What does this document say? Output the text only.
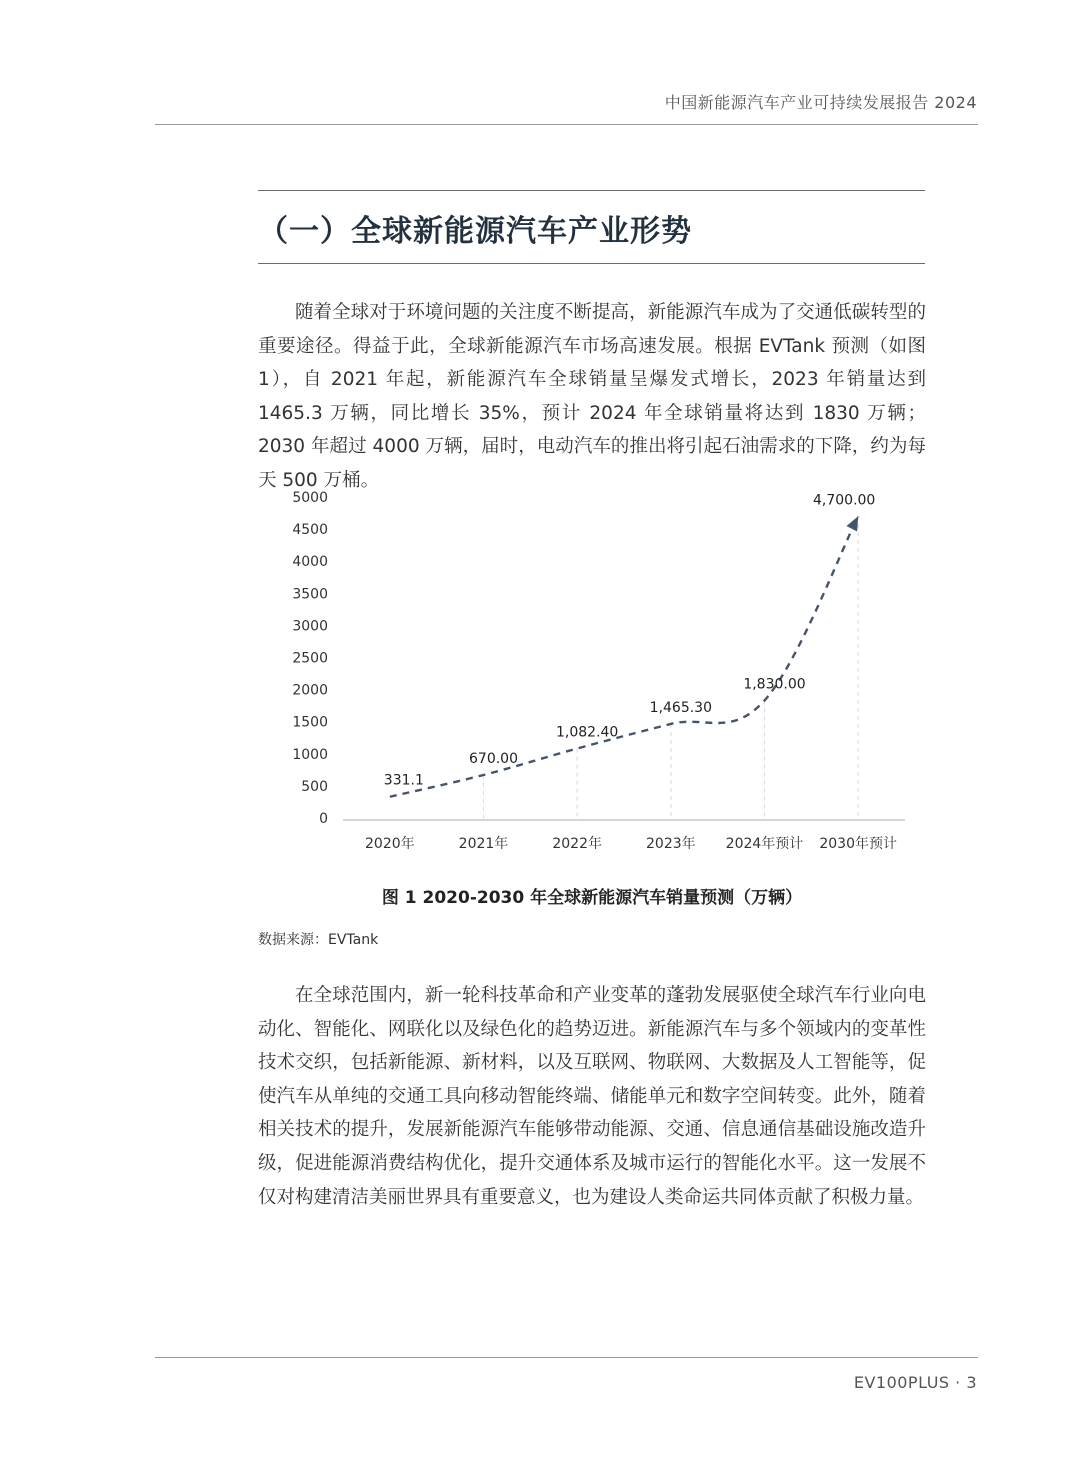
中国新能源汽车产业可持续发展报告 2024
（一）全球新能源汽车产业形势

随着全球对于环境问题的关注度不断提高，新能源汽车成为了交通低碳转型的重要途径。得益于此，全球新能源汽车市场高速发展。根据 EVTank 预测（如图 1），自 2021 年起，新能源汽车全球销量呈爆发式增长，2023 年销量达到 1465.3 万辆，同比增长 35%，预计 2024 年全球销量将达到 1830 万辆；2030 年超过 4000 万辆，届时，电动汽车的推出将引起石油需求的下降，约为每天 500 万桶。

0
500
1000
1500
2000
2500
3000
3500
4000
4500
5000
2020年	2021年	2022年	2023年 2024年预计 2030年预计
331.1
670.00
1,082.40
1,465.30
1,830.00
4,700.00
图 1 2020-2030 年全球新能源汽车销量预测（万辆）
数据来源：EVTank

在全球范围内，新一轮科技革命和产业变革的蓬勃发展驱使全球汽车行业向电动化、智能化、网联化以及绿色化的趋势迈进。新能源汽车与多个领域内的变革性技术交织，包括新能源、新材料，以及互联网、物联网、大数据及人工智能等，促使汽车从单纯的交通工具向移动智能终端、储能单元和数字空间转变。此外，随着相关技术的提升，发展新能源汽车能够带动能源、交通、信息通信基础设施改造升级，促进能源消费结构优化，提升交通体系及城市运行的智能化水平。这一发展不仅对构建清洁美丽世界具有重要意义，也为建设人类命运共同体贡献了积极力量。

EV100PLUS · 3
